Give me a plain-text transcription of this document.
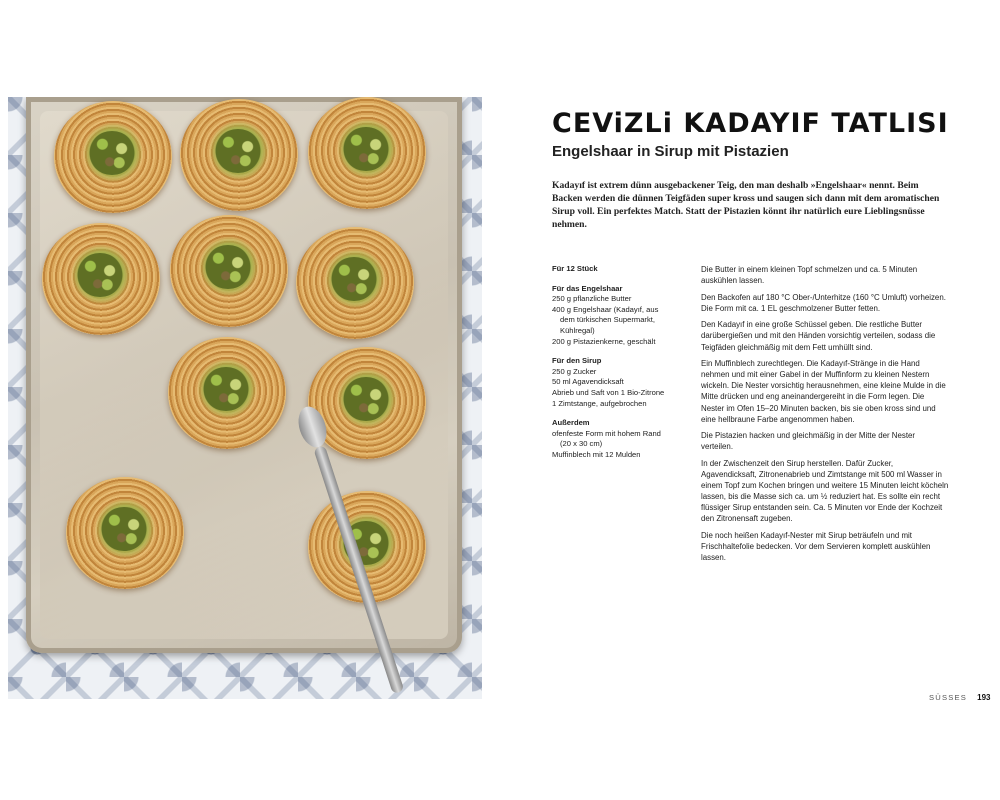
CEViZLi KADAYIF TATLISI
Engelshaar in Sirup mit Pistazien

Kadayıf ist extrem dünn ausgebackener Teig, den man deshalb »Engelshaar« nennt. Beim Backen werden die dünnen Teigfäden super kross und saugen sich dann mit dem aromatischen Sirup voll. Ein perfektes Match. Statt der Pistazien könnt ihr natürlich eure Lieblingsnüsse nehmen.

Für 12 Stück
Für das Engelshaar
250 g pflanzliche Butter
400 g Engelshaar (Kadayıf, aus
dem türkischen Supermarkt,
Kühlregal)
200 g Pistazienkerne, geschält
Für den Sirup
250 g Zucker
50 ml Agavendicksaft
Abrieb und Saft von 1 Bio-Zitrone
1 Zimtstange, aufgebrochen
Außerdem
ofenfeste Form mit hohem Rand
(20 x 30 cm)
Muffinblech mit 12 Mulden

Die Butter in einem kleinen Topf schmelzen und ca. 5 Minuten auskühlen lassen.

Den Backofen auf 180 °C Ober-/Unterhitze (160 °C Umluft) vorheizen. Die Form mit ca. 1 EL geschmolzener Butter fetten.

Den Kadayıf in eine große Schüssel geben. Die restliche Butter darübergießen und mit den Händen vorsichtig verteilen, sodass die Teigfäden gleichmäßig mit dem Fett umhüllt sind.

Ein Muffinblech zurechtlegen. Die Kadayıf-Stränge in die Hand nehmen und mit einer Gabel in der Muffinform zu kleinen Nestern wickeln. Die Nester vorsichtig herausnehmen, eine kleine Mulde in die Mitte drücken und eng aneinandergereiht in die Form legen. Die Nester im Ofen 15–20 Minuten backen, bis sie oben kross sind und eine hellbraune Farbe angenommen haben.

Die Pistazien hacken und gleichmäßig in der Mitte der Nester verteilen.

In der Zwischenzeit den Sirup herstellen. Dafür Zucker, Agavendicksaft, Zitronenabrieb und Zimtstange mit 500 ml Wasser in einem Topf zum Kochen bringen und weitere 15 Minuten leicht köcheln lassen, bis die Masse sich ca. um ½ reduziert hat. Es sollte ein recht flüssiger Sirup entstanden sein. Ca. 5 Minuten vor Ende der Kochzeit den Zitronensaft zugeben.

Die noch heißen Kadayıf-Nester mit Sirup beträufeln und mit Frischhaltefolie bedecken. Vor dem Servieren komplett auskühlen lassen.

SÜSSES 193
